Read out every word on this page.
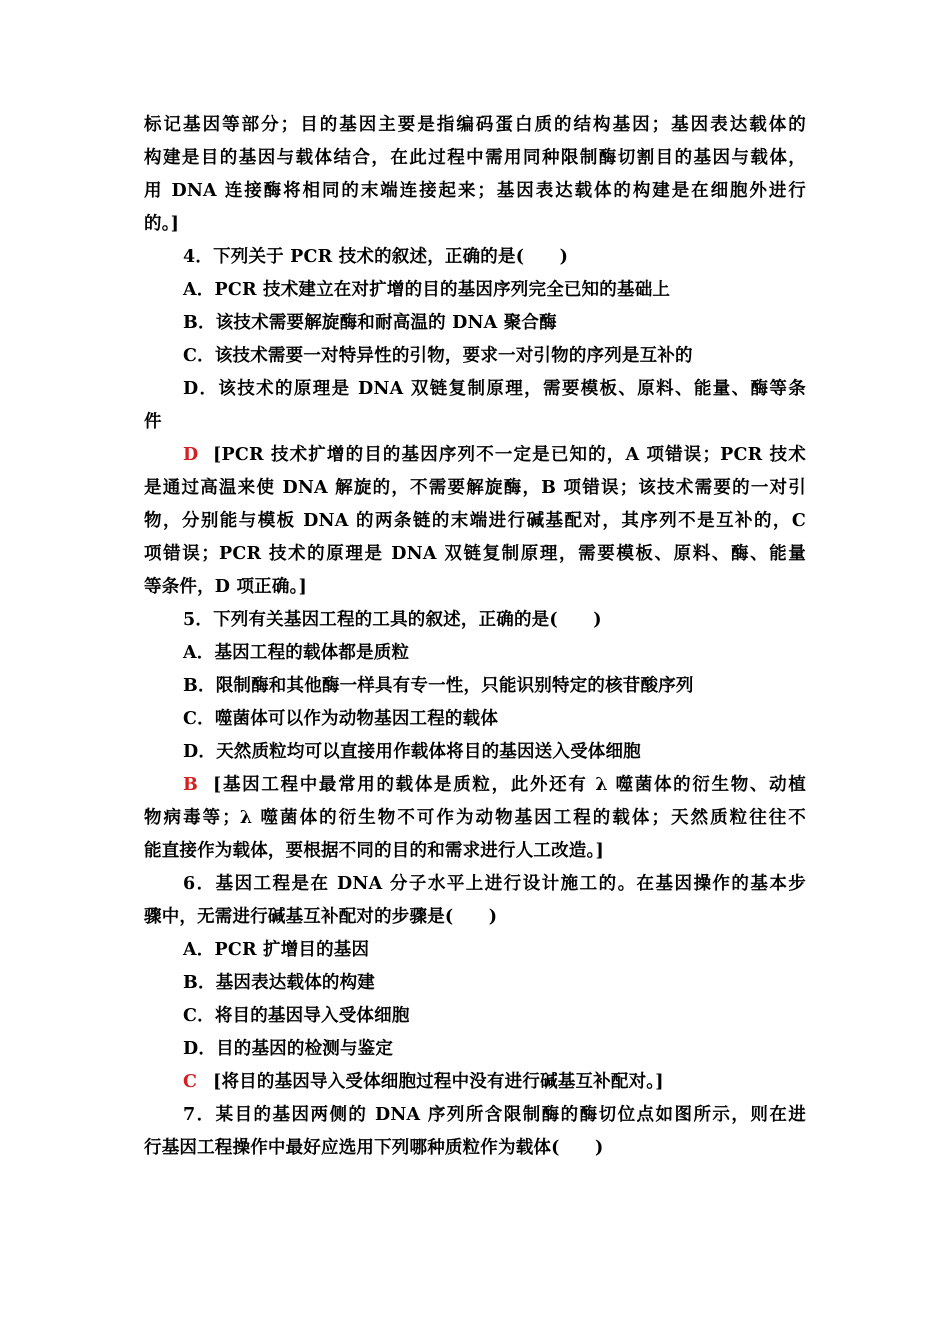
标记基因等部分；目的基因主要是指编码蛋白质的结构基因；基因表达载体的
构建是目的基因与载体结合，在此过程中需用同种限制酶切割目的基因与载体，
用 DNA 连接酶将相同的末端连接起来；基因表达载体的构建是在细胞外进行
的。]
4．下列关于 PCR 技术的叙述，正确的是(　　)
A．PCR 技术建立在对扩增的目的基因序列完全已知的基础上
B．该技术需要解旋酶和耐高温的 DNA 聚合酶
C．该技术需要一对特异性的引物，要求一对引物的序列是互补的
D．该技术的原理是 DNA 双链复制原理，需要模板、原料、能量、酶等条
件
D [PCR 技术扩增的目的基因序列不一定是已知的，A 项错误；PCR 技术
是通过高温来使 DNA 解旋的，不需要解旋酶，B 项错误；该技术需要的一对引
物，分别能与模板 DNA 的两条链的末端进行碱基配对，其序列不是互补的，C
项错误；PCR 技术的原理是 DNA 双链复制原理，需要模板、原料、酶、能量
等条件，D 项正确。]
5．下列有关基因工程的工具的叙述，正确的是(　　)
A．基因工程的载体都是质粒
B．限制酶和其他酶一样具有专一性，只能识别特定的核苷酸序列
C．噬菌体可以作为动物基因工程的载体
D．天然质粒均可以直接用作载体将目的基因送入受体细胞
B [基因工程中最常用的载体是质粒，此外还有 λ 噬菌体的衍生物、动植
物病毒等；λ 噬菌体的衍生物不可作为动物基因工程的载体；天然质粒往往不
能直接作为载体，要根据不同的目的和需求进行人工改造。]
6．基因工程是在 DNA 分子水平上进行设计施工的。在基因操作的基本步
骤中，无需进行碱基互补配对的步骤是(　　)
A．PCR 扩增目的基因
B．基因表达载体的构建
C．将目的基因导入受体细胞
D．目的基因的检测与鉴定
C [将目的基因导入受体细胞过程中没有进行碱基互补配对。]
7．某目的基因两侧的 DNA 序列所含限制酶的酶切位点如图所示，则在进
行基因工程操作中最好应选用下列哪种质粒作为载体(　　)
